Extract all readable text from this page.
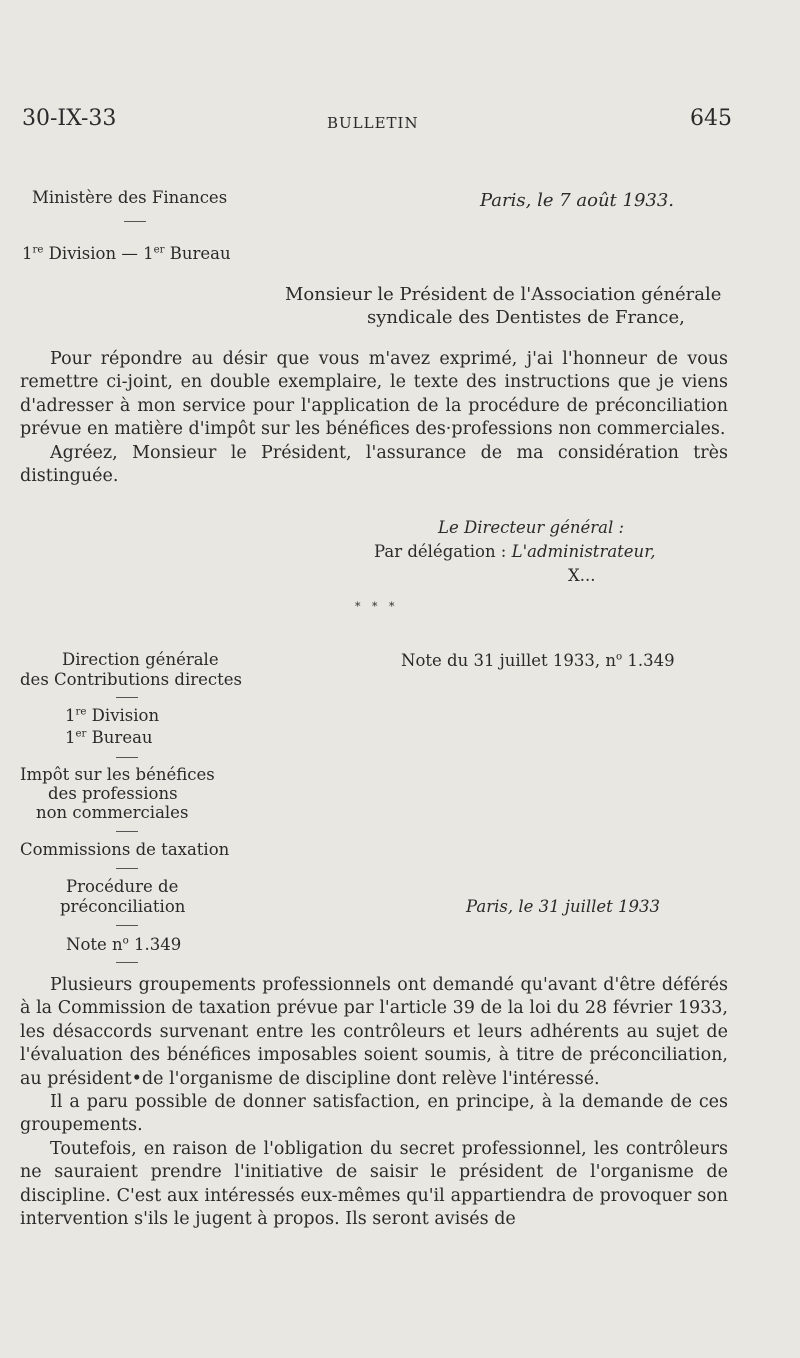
30-IX-33	BULLETIN	645
Ministère des Finances
1re Division — 1er Bureau
Paris, le 7 août 1933.
Monsieur le Président de l'Association générale
syndicale des Dentistes de France,

Pour répondre au désir que vous m'avez exprimé, j'ai l'honneur de vous remettre ci-joint, en double exemplaire, le texte des instructions que je viens d'adresser à mon service pour l'application de la procédure de préconciliation prévue en matière d'impôt sur les bénéfices des·professions non commerciales.

Agréez, Monsieur le Président, l'assurance de ma considération très distinguée.

Le Directeur général :
Par délégation : L'administrateur,
X...
* * *
Direction générale
des Contributions directes
1re Division
1er Bureau
Impôt sur les bénéfices
des professions
non commerciales
Commissions de taxation
Procédure de
préconciliation
Note $n^o$ 1.349
Note du 31 juillet 1933, $n^o$ 1.349
Paris, le 31 juillet 1933

Plusieurs groupements professionnels ont demandé qu'avant d'être déférés à la Commission de taxation prévue par l'article 39 de la loi du 28 février 1933, les désaccords survenant entre les contrôleurs et leurs adhérents au sujet de l'évaluation des bénéfices imposables soient soumis, à titre de préconciliation, au président•de l'organisme de discipline dont relève l'intéressé.

Il a paru possible de donner satisfaction, en principe, à la demande de ces groupements.

Toutefois, en raison de l'obligation du secret professionnel, les contrôleurs ne sauraient prendre l'initiative de saisir le président de l'organisme de discipline. C'est aux intéressés eux-mêmes qu'il appartiendra de provoquer son intervention s'ils le jugent à propos. Ils seront avisés de
